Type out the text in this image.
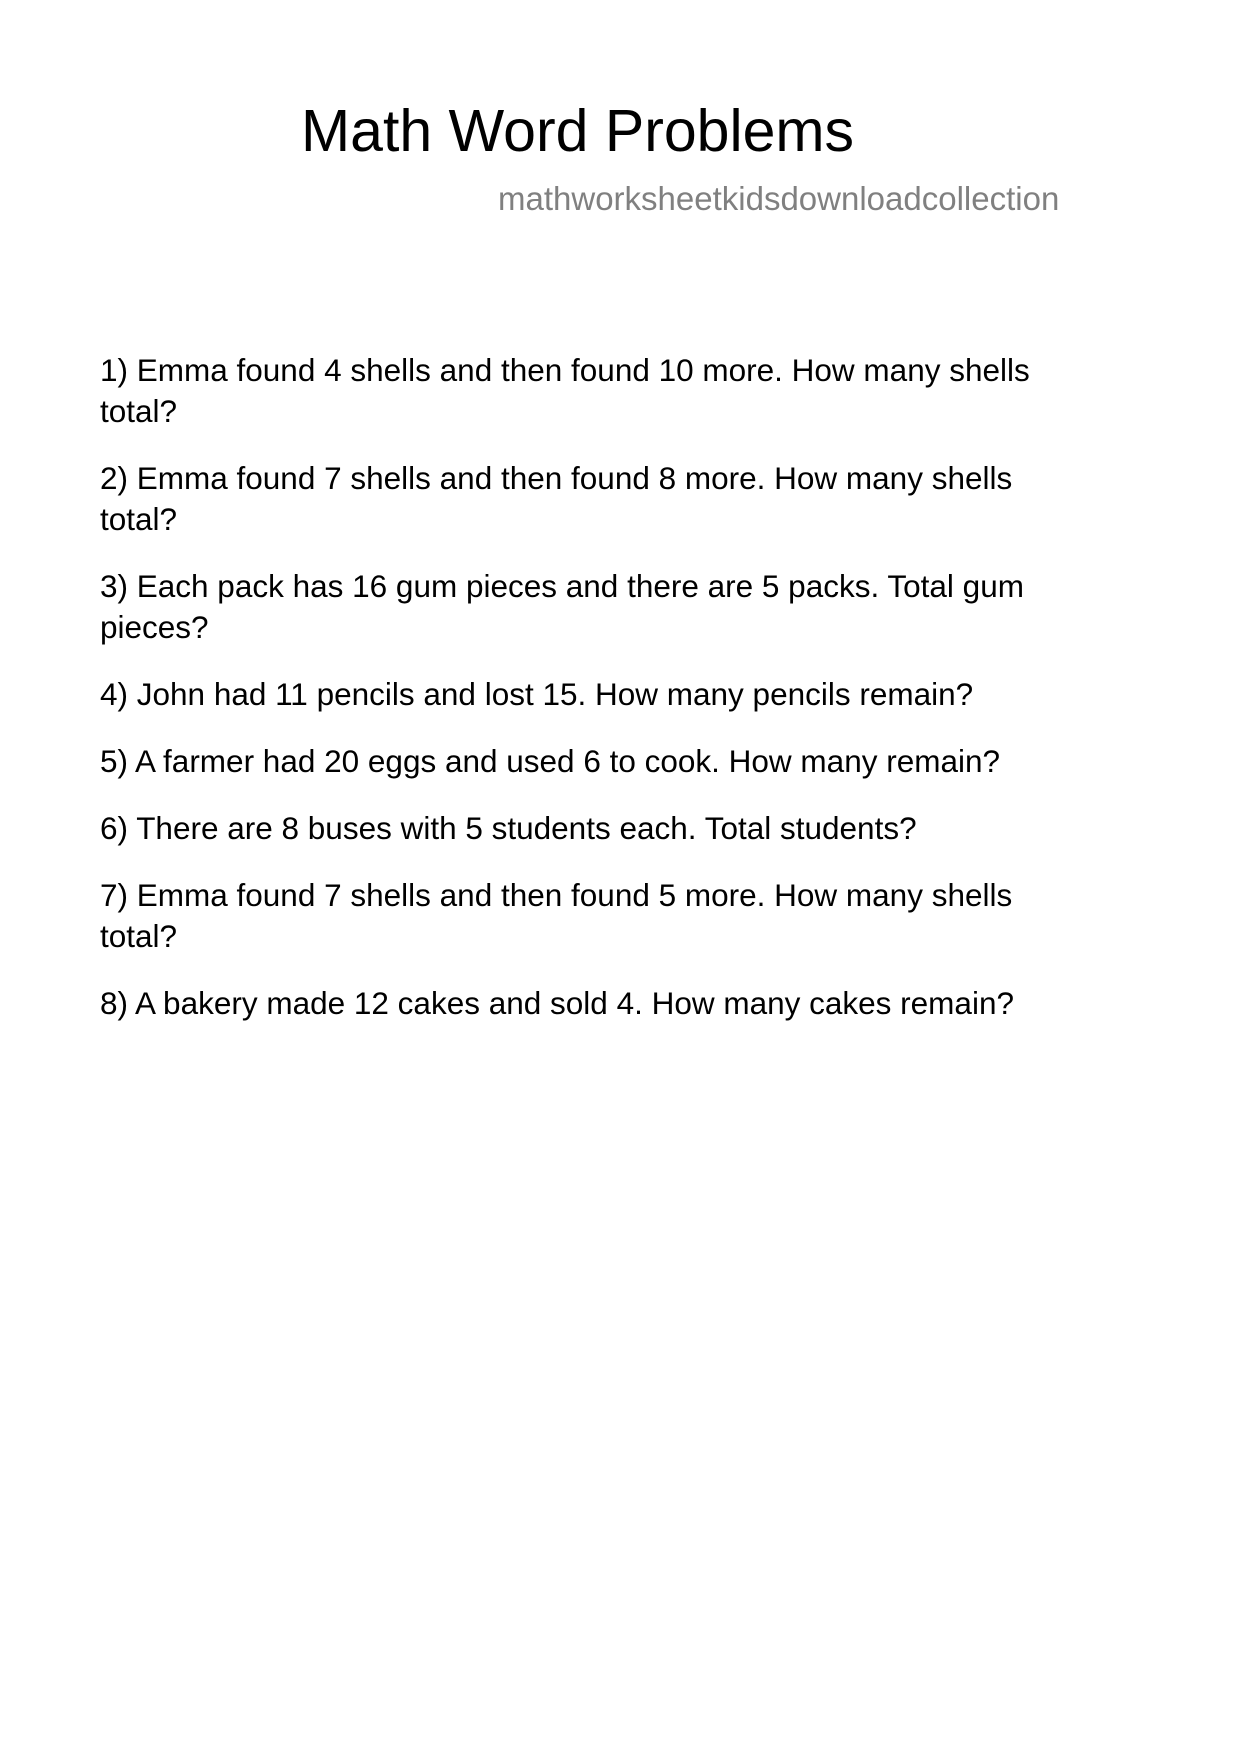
Math Word Problems
mathworksheetkidsdownloadcollection
1) Emma found 4 shells and then found 10 more. How many shells
total?
2) Emma found 7 shells and then found 8 more. How many shells
total?
3) Each pack has 16 gum pieces and there are 5 packs. Total gum
pieces?
4) John had 11 pencils and lost 15. How many pencils remain?
5) A farmer had 20 eggs and used 6 to cook. How many remain?
6) There are 8 buses with 5 students each. Total students?
7) Emma found 7 shells and then found 5 more. How many shells
total?
8) A bakery made 12 cakes and sold 4. How many cakes remain?
